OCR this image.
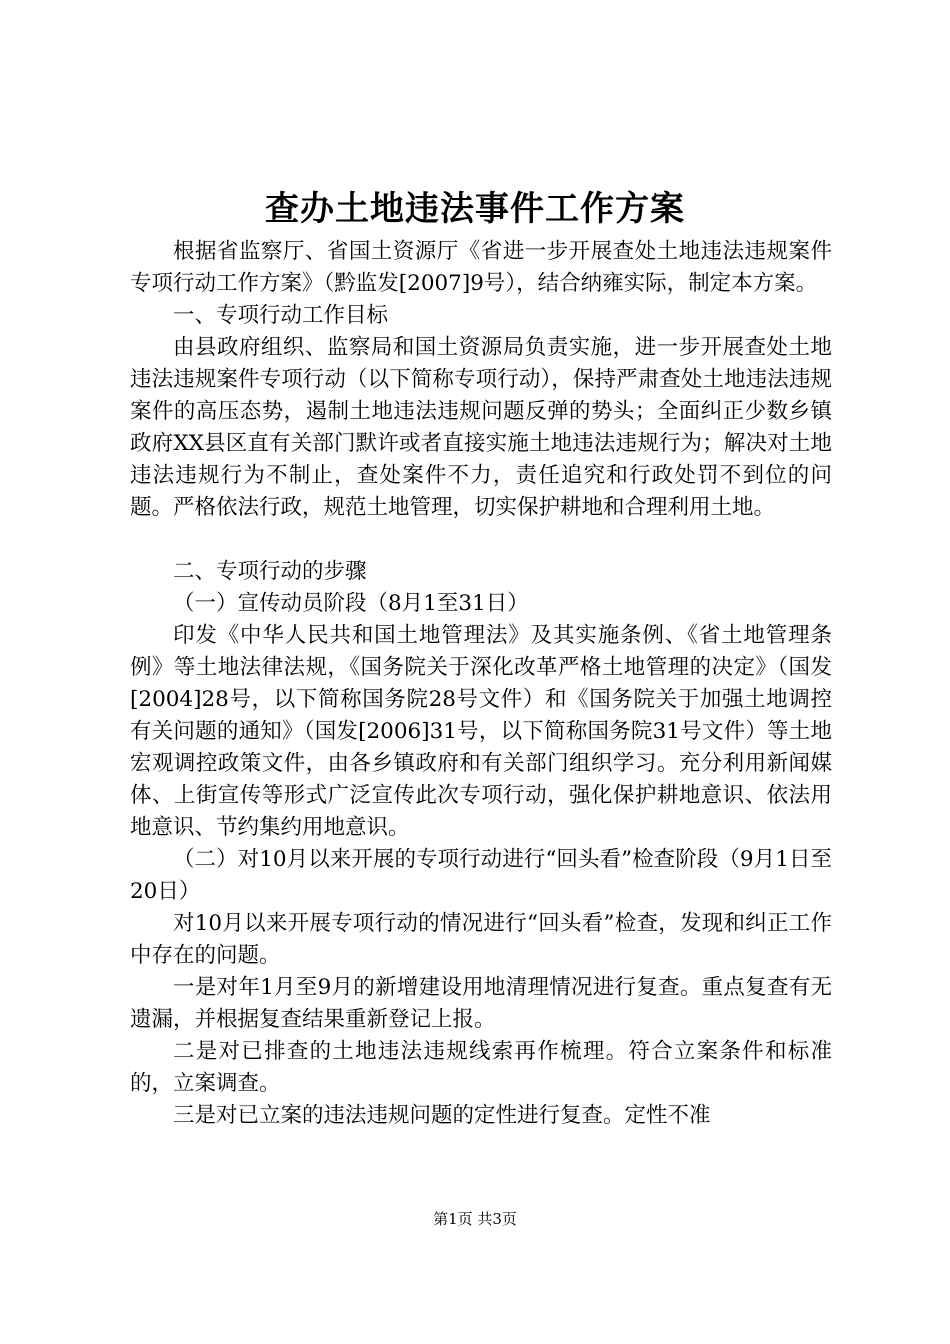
查办土地违法事件工作方案

根据省监察厅、省国土资源厅《省进一步开展查处土地违法违规案件专项行动工作方案》（黔监发[2007]9号），结合纳雍实际，制定本方案。

一、专项行动工作目标

由县政府组织、监察局和国土资源局负责实施，进一步开展查处土地违法违规案件专项行动（以下简称专项行动），保持严肃查处土地违法违规案件的高压态势，遏制土地违法违规问题反弹的势头；全面纠正少数乡镇政府XX县区直有关部门默许或者直接实施土地违法违规行为；解决对土地违法违规行为不制止，查处案件不力，责任追究和行政处罚不到位的问题。严格依法行政，规范土地管理，切实保护耕地和合理利用土地。

二、专项行动的步骤

（一）宣传动员阶段（8月1至31日）

印发《中华人民共和国土地管理法》及其实施条例、《省土地管理条例》等土地法律法规，《国务院关于深化改革严格土地管理的决定》（国发[2004]28号，以下简称国务院28号文件）和《国务院关于加强土地调控有关问题的通知》（国发[2006]31号，以下简称国务院31号文件）等土地宏观调控政策文件，由各乡镇政府和有关部门组织学习。充分利用新闻媒体、上街宣传等形式广泛宣传此次专项行动，强化保护耕地意识、依法用地意识、节约集约用地意识。

（二）对10月以来开展的专项行动进行“回头看”检查阶段（9月1日至20日）

对10月以来开展专项行动的情况进行“回头看”检查，发现和纠正工作中存在的问题。

一是对年1月至9月的新增建设用地清理情况进行复查。重点复查有无遗漏，并根据复查结果重新登记上报。

二是对已排查的土地违法违规线索再作梳理。符合立案条件和标准的，立案调查。

三是对已立案的违法违规问题的定性进行复查。定性不准

第1页 共3页
